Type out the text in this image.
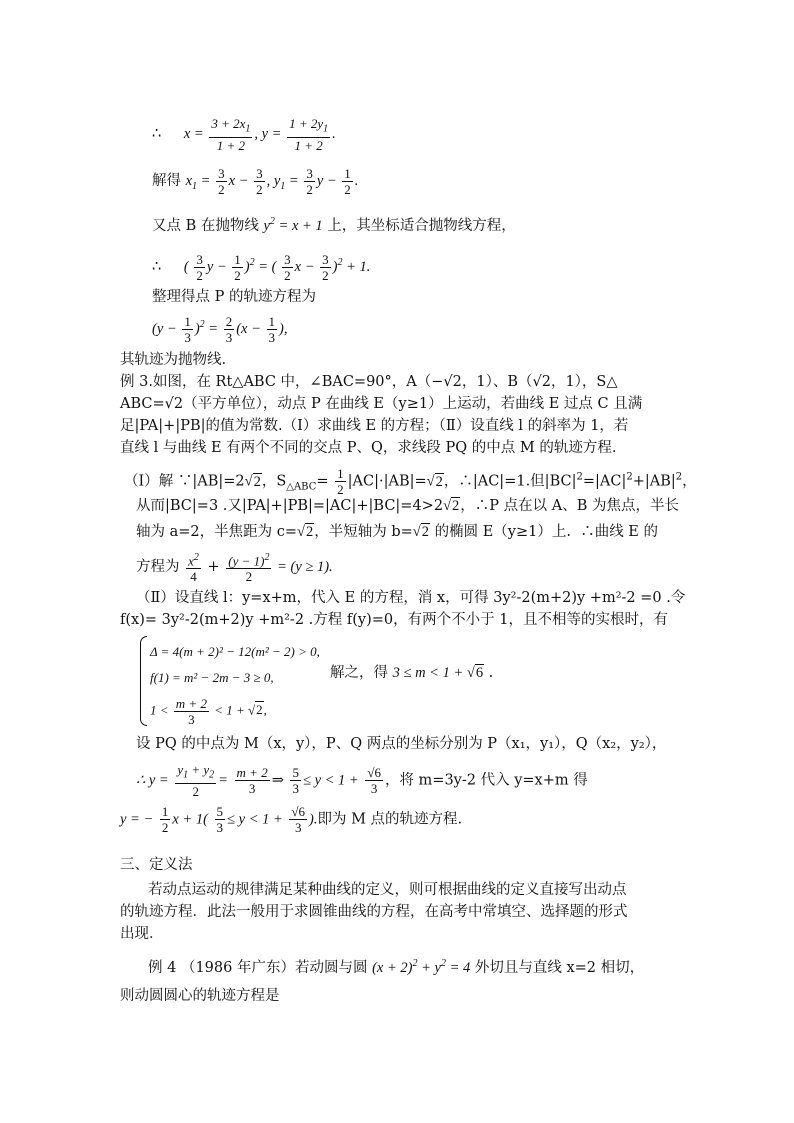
∴ $x = \frac{3 + 2x_1}{1 + 2}$ , $y = \frac{1 + 2y_1}{1 + 2}$ .
解得 $x_1 = \frac{3}{2}$ $x - \frac{3}{2}$ , $y_1 = \frac{3}{2}$ $y - \frac{1}{2}$ .
又点 B 在抛物线 $y^2 = x + 1$ 上，其坐标适合抛物线方程，
∴ ( $\frac{3}{2}$ $y - \frac{1}{2} )^2$ = ( $\frac{3}{2}$ $x - \frac{3}{2} )^2 + 1$.
整理得点 P 的轨迹方程为
$(y - \frac{1}{3} )^2 = \frac{2}{3} (x - \frac{1}{3}$ ),
其轨迹为抛物线.
例 3.如图，在 Rt△ABC 中，∠BAC=90°，A（−√2，1）、B（√2，1），S△
ABC=√2（平方单位），动点 P 在曲线 E（y≥1）上运动，若曲线 E 过点 C 且满
足|PA|+|PB|的值为常数.（Ⅰ）求曲线 E 的方程；（Ⅱ）设直线 l 的斜率为 1，若
直线 l 与曲线 E 有两个不同的交点 P、Q，求线段 PQ 的中点 M 的轨迹方程.
（Ⅰ）解 ∵|AB|=2√2，$S_{\triangle ABC}= \frac{1}{2} |AC|\cdot|AB|=√2$，∴|AC|=1.但$|BC|^2=|AC|^2+|AB|^2$，
从而|BC|=3 .又|PA|+|PB|=|AC|+|BC|=4>2√2，∴P 点在以 A、B 为焦点，半长
轴为 a=2，半焦距为 c=√2，半短轴为 b=√2 的椭圆 E（y≥1）上.  ∴曲线 E 的
方程为 $\frac{x^2}{4} + \frac{(y - 1)^2}{2} = (y \ge 1)$.
（Ⅱ）设直线 l：y=x+m，代入 E 的方程，消 x，可得 3y²-2(m+2)y +m²-2 =0 .令
f(x)= 3y²-2(m+2)y +m²-2 .方程 f(y)=0，有两个不小于 1，且不相等的实根时，有
Δ = 4(m + 2)² − 12(m² − 2) > 0,
f(1) = m² − 2m − 3 ≥ 0,
$1 < \frac{m + 2}{3} < 1 + √2$,
解之，得 3 ≤ m < 1 + √6 .
设 PQ 的中点为 M（x，y），P、Q 两点的坐标分别为 P（x₁，y₁），Q（x₂，y₂），
∴ $y = \frac{y_1 + y_2}{2} = \frac{m + 2}{3}$ ⇒ $\frac{5}{3} \le y < 1 + \frac{√6}{3}$ ，将 m=3y-2 代入 y=x+m 得
y = − $\frac{1}{2}$ $x + 1( \frac{5}{3} \le y < 1 + \frac{√6}{3}$ ).即为 M 点的轨迹方程.
三、定义法
若动点运动的规律满足某种曲线的定义，则可根据曲线的定义直接写出动点
的轨迹方程．此法一般用于求圆锥曲线的方程，在高考中常填空、选择题的形式
出现．
例 4 （1986 年广东）若动圆与圆 $(x + 2)^2 + y^2 = 4$ 外切且与直线 x=2 相切，
则动圆圆心的轨迹方程是
